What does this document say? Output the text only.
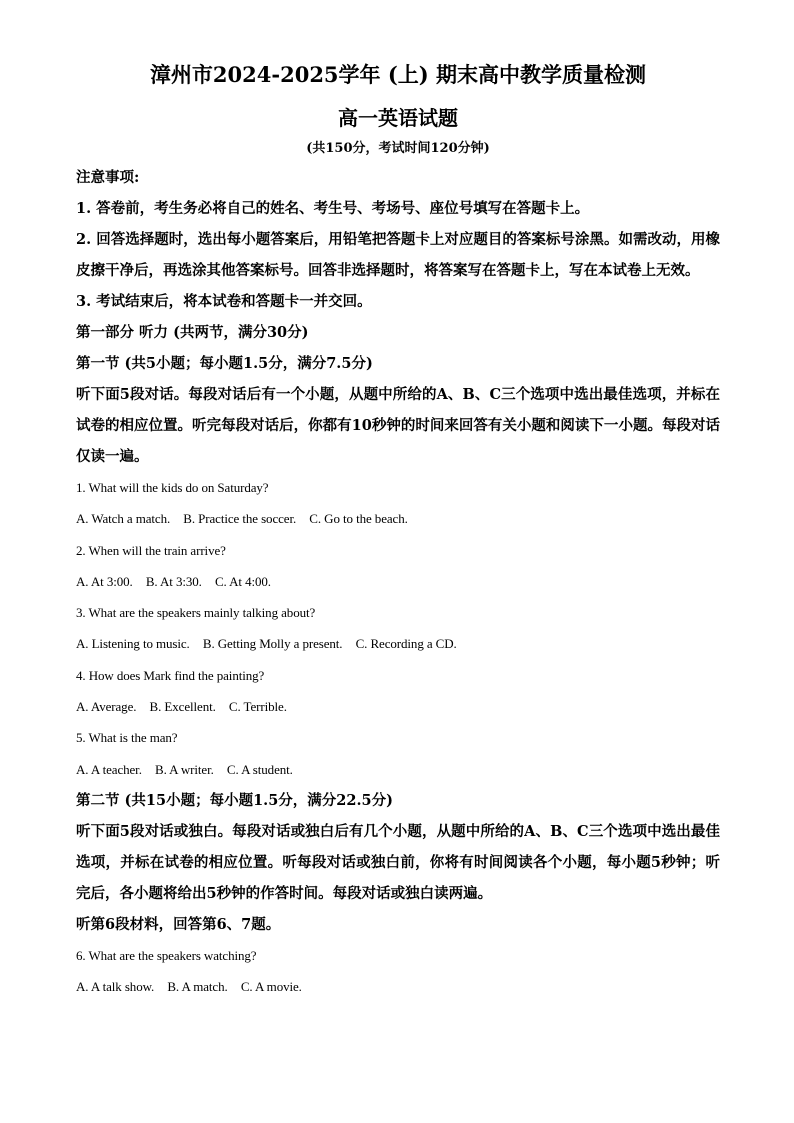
漳州市2024-2025学年 (上) 期末高中教学质量检测
高一英语试题
(共150分，考试时间120分钟)

注意事项:

1. 答卷前，考生务必将自己的姓名、考生号、考场号、座位号填写在答题卡上。

2. 回答选择题时，选出每小题答案后，用铅笔把答题卡上对应题目的答案标号涂黑。如需改动，用橡皮擦干净后，再选涂其他答案标号。回答非选择题时，将答案写在答题卡上，写在本试卷上无效。

3. 考试结束后，将本试卷和答题卡一并交回。

第一部分 听力 (共两节，满分30分)

第一节 (共5小题；每小题1.5分，满分7.5分)

听下面5段对话。每段对话后有一个小题，从题中所给的A、B、C三个选项中选出最佳选项，并标在试卷的相应位置。听完每段对话后，你都有10秒钟的时间来回答有关小题和阅读下一小题。每段对话仅读一遍。

1. What will the kids do on Saturday?

A. Watch a match. B. Practice the soccer. C. Go to the beach.

2. When will the train arrive?

A. At 3:00. B. At 3:30. C. At 4:00.

3. What are the speakers mainly talking about?

A. Listening to music. B. Getting Molly a present. C. Recording a CD.

4. How does Mark find the painting?

A. Average. B. Excellent. C. Terrible.

5. What is the man?

A. A teacher. B. A writer. C. A student.

第二节 (共15小题；每小题1.5分，满分22.5分)

听下面5段对话或独白。每段对话或独白后有几个小题，从题中所给的A、B、C三个选项中选出最佳选项，并标在试卷的相应位置。听每段对话或独白前，你将有时间阅读各个小题，每小题5秒钟；听完后，各小题将给出5秒钟的作答时间。每段对话或独白读两遍。

听第6段材料，回答第6、7题。

6. What are the speakers watching?

A. A talk show. B. A match. C. A movie.
